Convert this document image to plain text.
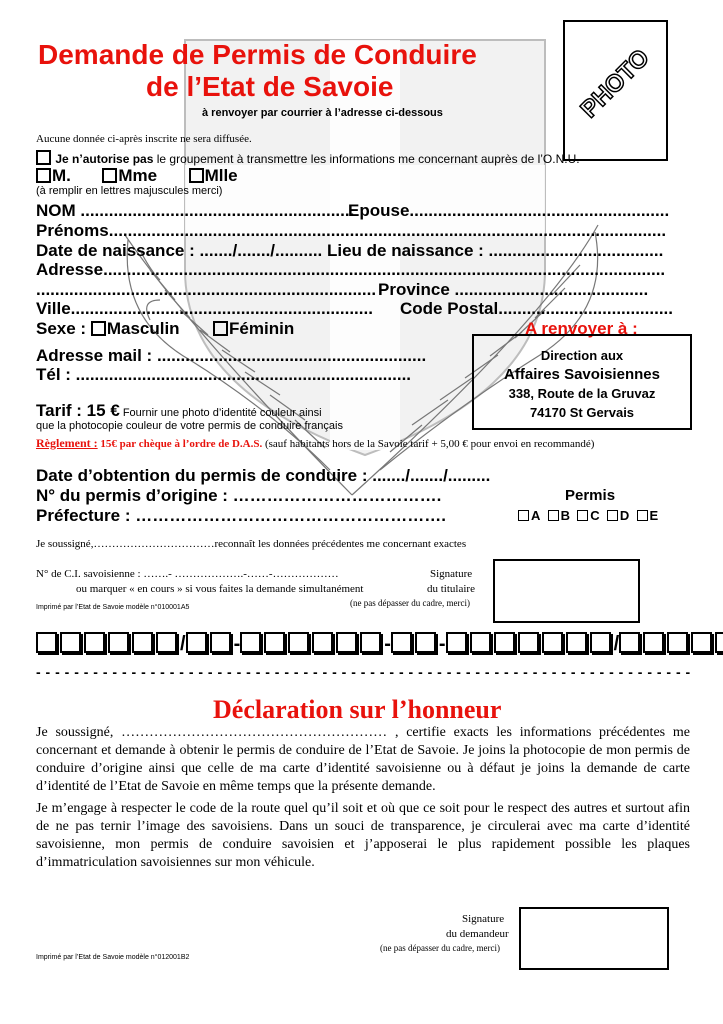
Demande de Permis de Conduire
de l’Etat de Savoie
à renvoyer par courrier à l’adresse ci-dessous	PHOTO
Aucune donnée ci-après inscrite ne sera diffusée.
Je n’autorise pas le groupement à transmettre les informations me concernant auprès de l’O.N.U.
M.	Mme	Mlle
(à remplir en lettres majuscules merci)
NOM ..........................................................
Epouse.......................................................
Prénoms......................................................................................................................
Date de naissance : ......./......./.......... Lieu de naissance : .....................................
Adresse.......................................................................................................................
........................................................................ Province .........................................
Ville................................................................ Code Postal.....................................
Sexe : Masculin	Féminin	A renvoyer à :
Adresse mail : .........................................................
Tél : .......................................................................
Direction aux
Affaires Savoisiennes
338, Route de la Gruvaz
74170 St Gervais
Tarif : 15 € Fournir une photo d’identité couleur ainsi
que la photocopie couleur de votre permis de conduire français
Règlement : 15€ par chèque à l’ordre de D.A.S. (sauf habitants hors de la Savoie tarif + 5,00 € pour envoi en recommandé)
Date d’obtention du permis de conduire : ......./......./.........
N° du permis d’origine : ……………………………….
Préfecture : ……………………………………………….
Permis
A B C D E
Je soussigné,……………………………reconnaît les données précédentes me concernant exactes
N° de C.I. savoisienne : …….- ……………….-……-………………
ou marquer « en cours » si vous faites la demande simultanément
Signature
du titulaire
(ne pas dépasser du cadre, merci)
Imprimé par l’Etat de Savoie modèle n°010001A5
/ -	- -	/
- - - - - - - - - - - - - - - - - - - - - - - - - - - - - - - - - - - - - - - - - - - - - - - - - - - - - - - - - - - - - - - - - - - - -
Déclaration sur l’honneur
Je soussigné, ………………………………………………… , certifie exacts les informations précédentes me concernant et demande à obtenir le permis de conduire de l’Etat de Savoie. Je joins la photocopie de mon permis de conduire d’origine ainsi que celle de ma carte d’identité savoisienne ou à défaut je joins la demande de carte d’identité de l’Etat de Savoie en même temps que la présente demande.
Je m’engage à respecter le code de la route quel qu’il soit et où que ce soit pour le respect des autres et surtout afin de ne pas ternir l’image des savoisiens. Dans un souci de transparence, je circulerai avec ma carte d’identité savoisienne, mon permis de conduire savoisien et j’apposerai le plus rapidement possible les plaques d’immatriculation savoisiennes sur mon véhicule.
Signature
du demandeur
(ne pas dépasser du cadre, merci)
Imprimé par l’Etat de Savoie modèle n°012001B2
